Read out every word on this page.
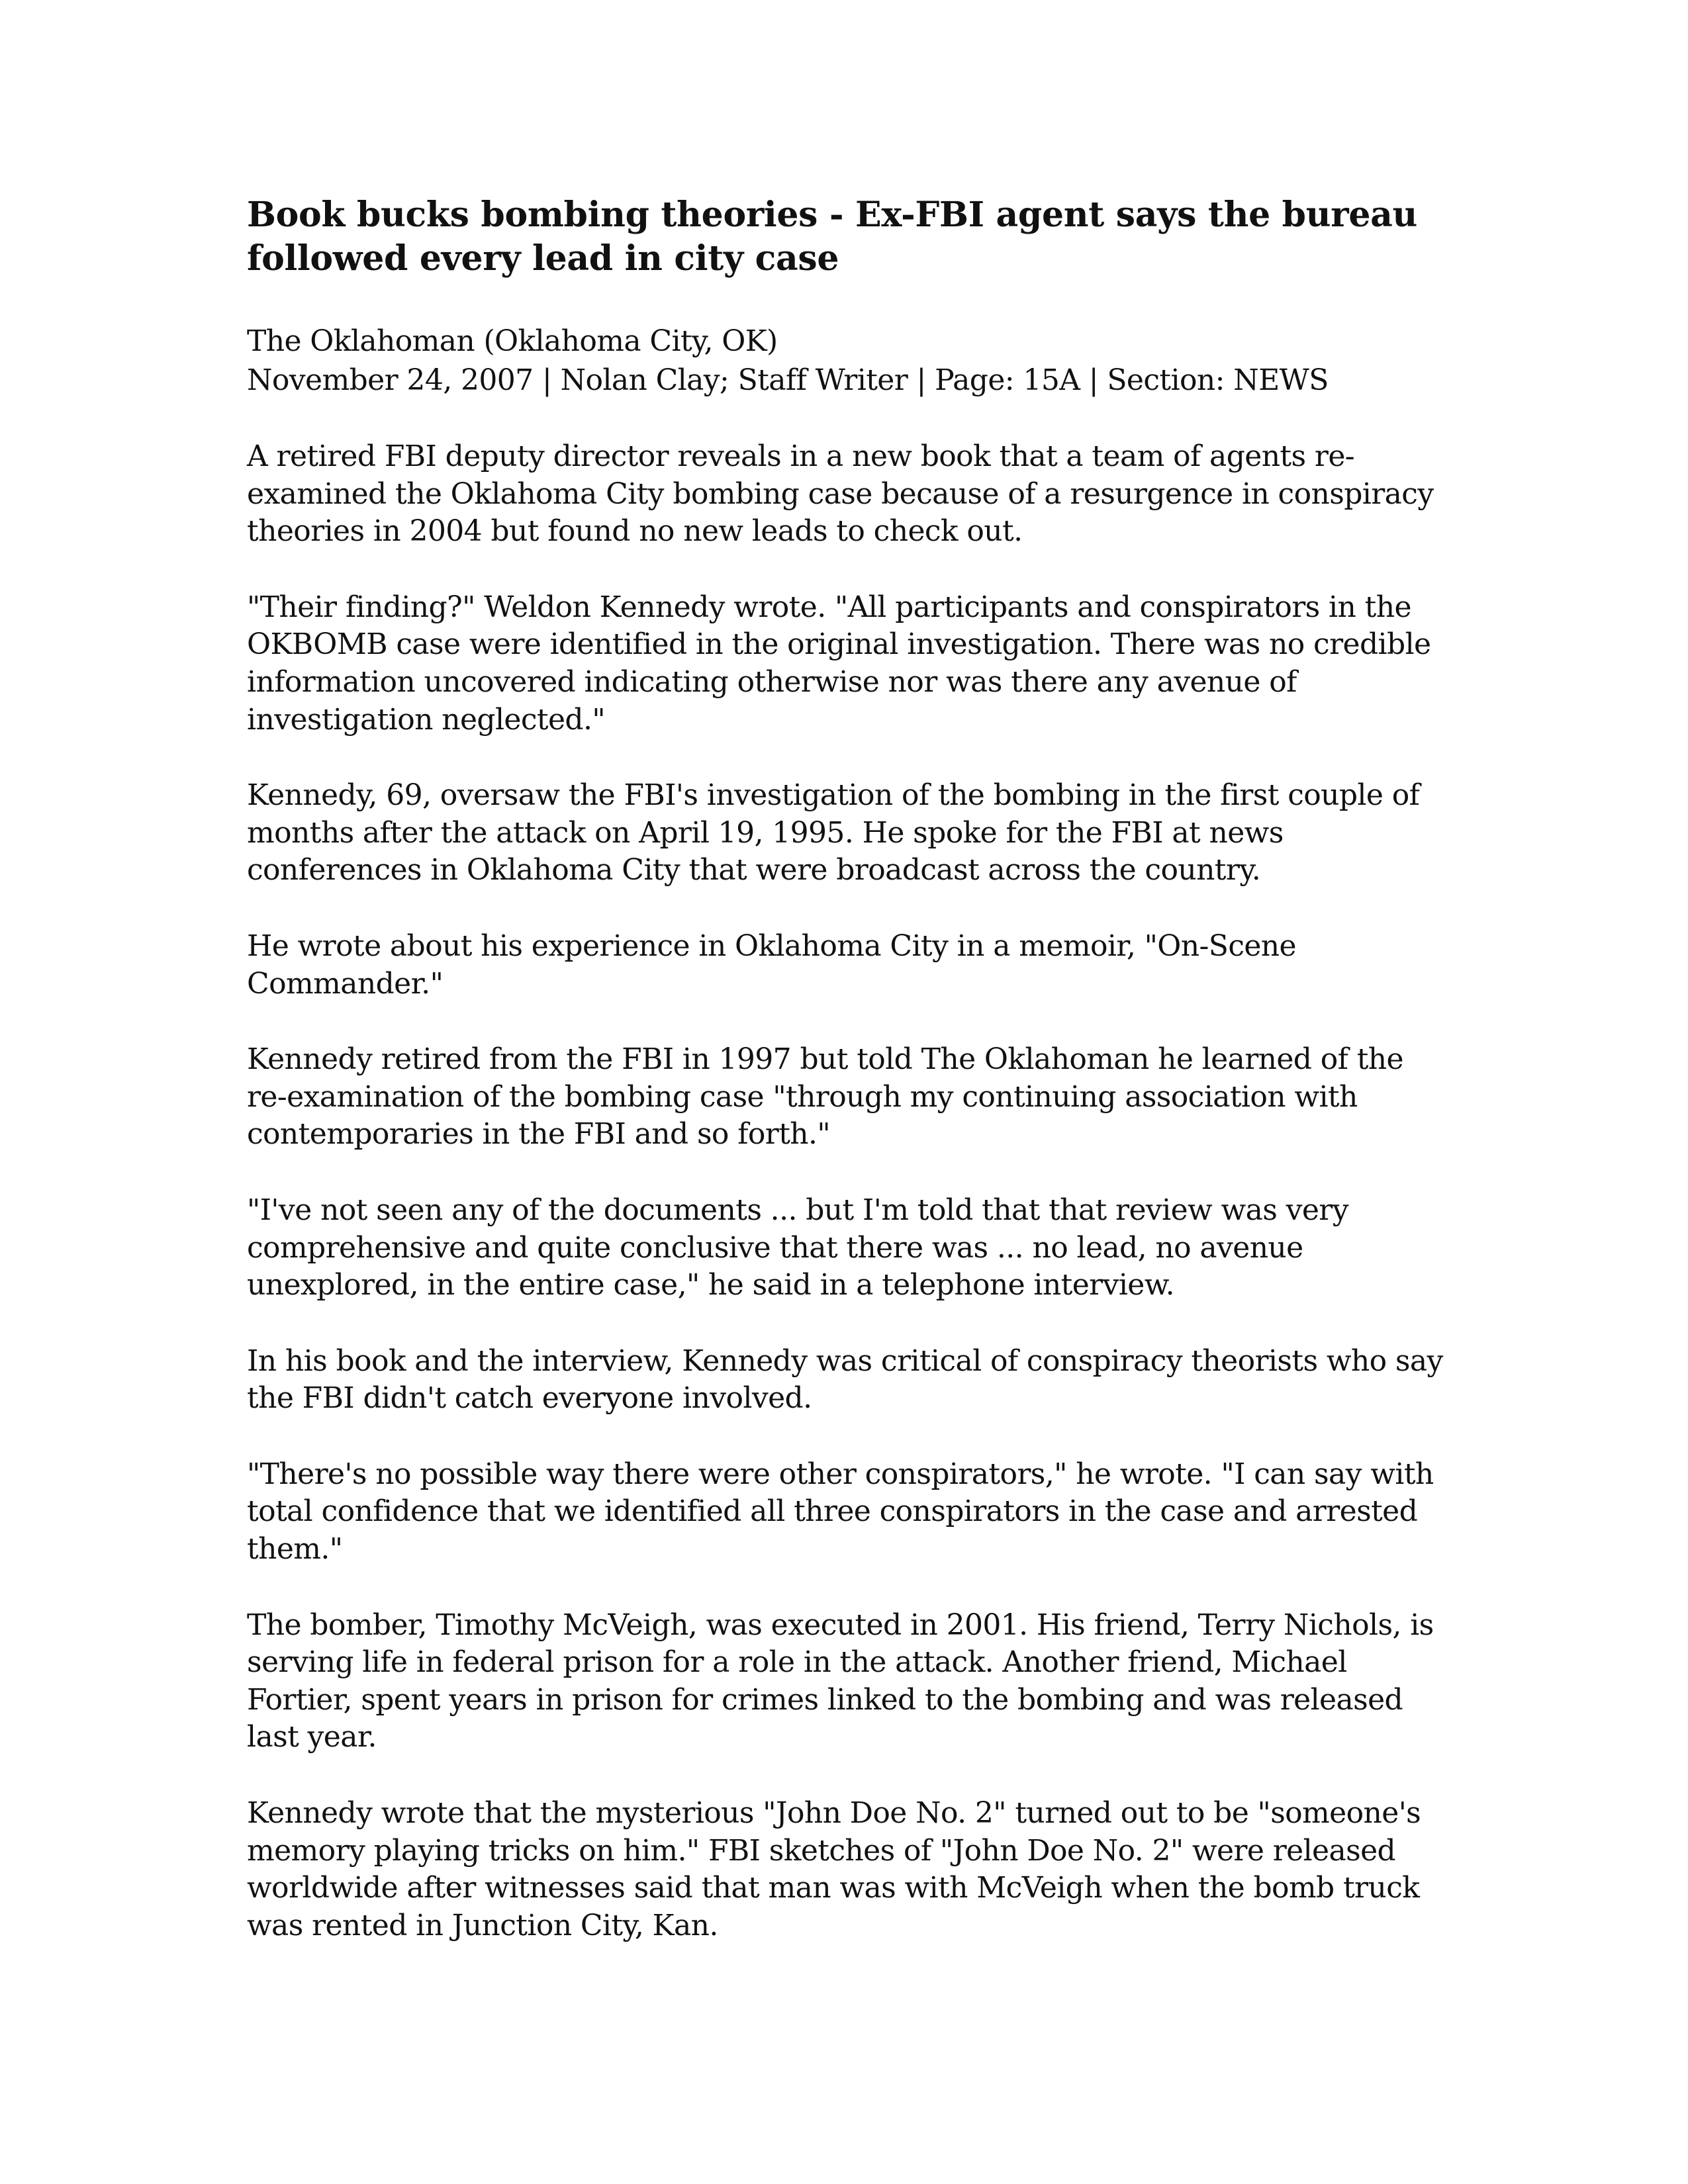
Book bucks bombing theories - Ex-FBI agent says the bureau followed every lead in city case
The Oklahoman (Oklahoma City, OK)
November 24, 2007 | Nolan Clay; Staff Writer | Page: 15A | Section: NEWS

A retired FBI deputy director reveals in a new book that a team of agents re-examined the Oklahoma City bombing case because of a resurgence in conspiracy theories in 2004 but found no new leads to check out.

"Their finding?" Weldon Kennedy wrote. "All participants and conspirators in the OKBOMB case were identified in the original investigation. There was no credible information uncovered indicating otherwise nor was there any avenue of investigation neglected."

Kennedy, 69, oversaw the FBI's investigation of the bombing in the first couple of months after the attack on April 19, 1995. He spoke for the FBI at news conferences in Oklahoma City that were broadcast across the country.

He wrote about his experience in Oklahoma City in a memoir, "On-Scene Commander."

Kennedy retired from the FBI in 1997 but told The Oklahoman he learned of the re-examination of the bombing case "through my continuing association with contemporaries in the FBI and so forth."

"I've not seen any of the documents ... but I'm told that that review was very comprehensive and quite conclusive that there was ... no lead, no avenue unexplored, in the entire case," he said in a telephone interview.

In his book and the interview, Kennedy was critical of conspiracy theorists who say the FBI didn't catch everyone involved.

"There's no possible way there were other conspirators," he wrote. "I can say with total confidence that we identified all three conspirators in the case and arrested them."

The bomber, Timothy McVeigh, was executed in 2001. His friend, Terry Nichols, is serving life in federal prison for a role in the attack. Another friend, Michael Fortier, spent years in prison for crimes linked to the bombing and was released last year.

Kennedy wrote that the mysterious "John Doe No. 2" turned out to be "someone's memory playing tricks on him." FBI sketches of "John Doe No. 2" were released worldwide after witnesses said that man was with McVeigh when the bomb truck was rented in Junction City, Kan.
